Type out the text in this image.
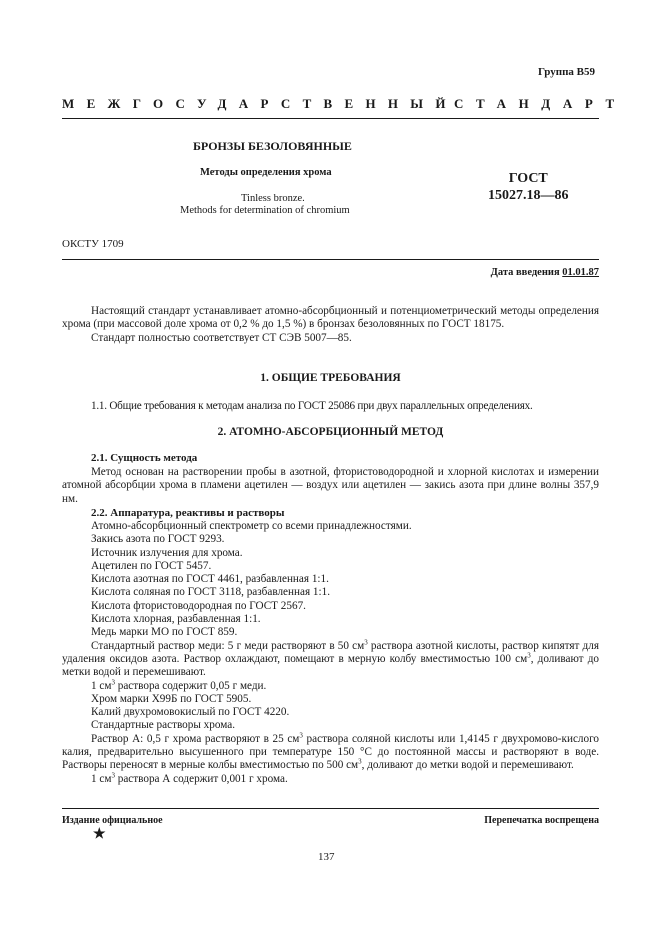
Группа В59
МЕЖГОСУДАРСТВЕННЫЙ
СТАНДАРТ
БРОНЗЫ БЕЗОЛОВЯННЫЕ
Методы определения хрома
Tinless bronze.
Methods for determination of chromium
ГОСТ
15027.18—86
ОКСТУ 1709
Дата введения 01.01.87

Настоящий стандарт устанавливает атомно-абсорбционный и потенциометрический методы определения хрома (при массовой доле хрома от 0,2 % до 1,5 %) в бронзах безоловянных по ГОСТ 18175.

Стандарт полностью соответствует СТ СЭВ 5007—85.

1. ОБЩИЕ ТРЕБОВАНИЯ

1.1. Общие требования к методам анализа по ГОСТ 25086 при двух параллельных определениях.

2. АТОМНО-АБСОРБЦИОННЫЙ МЕТОД
2.1. Сущность метода

Метод основан на растворении пробы в азотной, фтористоводородной и хлорной кислотах и измерении атомной абсорбции хрома в пламени ацетилен — воздух или ацетилен — закись азота при длине волны 357,9 нм.

2.2. Аппаратура, реактивы и растворы

Атомно-абсорбционный спектрометр со всеми принадлежностями.

Закись азота по ГОСТ 9293.

Источник излучения для хрома.

Ацетилен по ГОСТ 5457.

Кислота азотная по ГОСТ 4461, разбавленная 1:1.

Кислота соляная по ГОСТ 3118, разбавленная 1:1.

Кислота фтористоводородная по ГОСТ 2567.

Кислота хлорная, разбавленная 1:1.

Медь марки МО по ГОСТ 859.

Стандартный раствор меди: 5 г меди растворяют в 50 $см^3$ раствора азотной кислоты, раствор кипятят для удаления оксидов азота. Раствор охлаждают, помещают в мерную колбу вместимостью 100 $см^3$, доливают до метки водой и перемешивают.

1 $см^3$ раствора содержит 0,05 г меди.

Хром марки Х99Б по ГОСТ 5905.

Калий двухромовокислый по ГОСТ 4220.

Стандартные растворы хрома.

Раствор А: 0,5 г хрома растворяют в 25 $см^3$ раствора соляной кислоты или 1,4145 г двухромово-кислого калия, предварительно высушенного при температуре 150 °С до постоянной массы и растворяют в воде. Растворы переносят в мерные колбы вместимостью по 500 $см^3$, доливают до метки водой и перемешивают.

1 $см^3$ раствора А содержит 0,001 г хрома.

Издание официальное	Перепечатка воспрещена
★
137
